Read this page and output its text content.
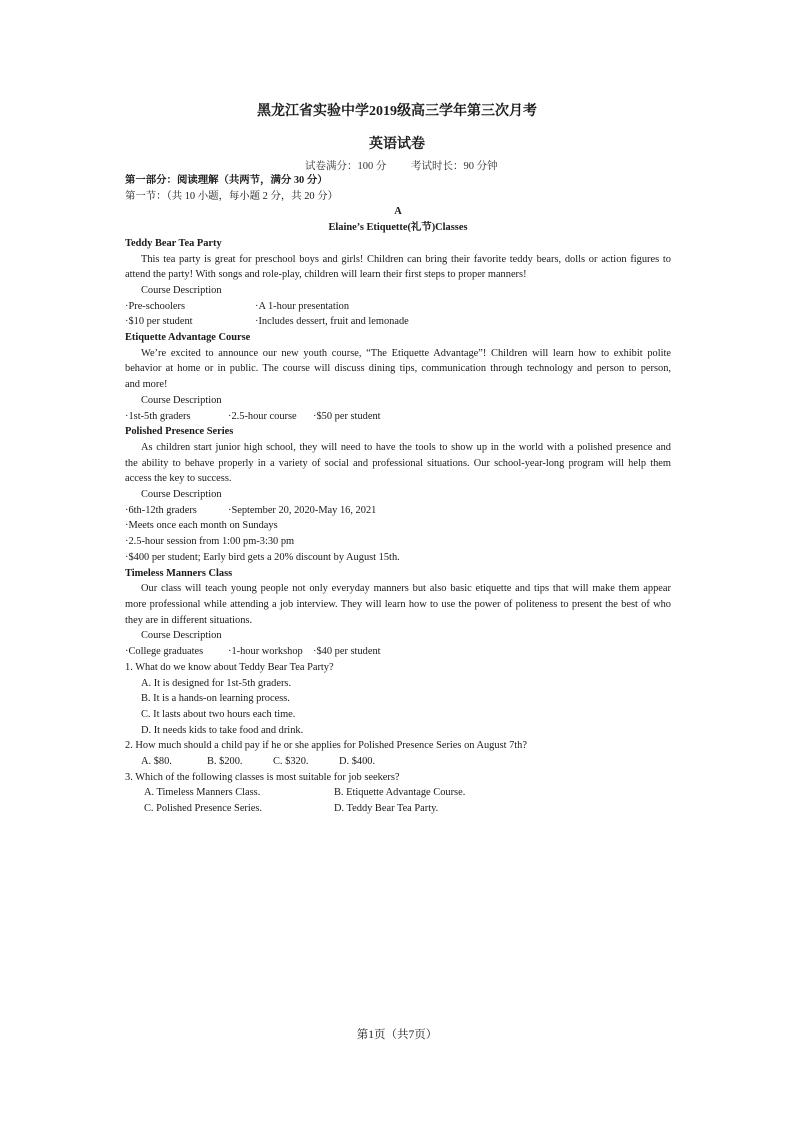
黑龙江省实验中学2019级高三学年第三次月考
英语试卷
试卷满分：100 分 考试时长：90 分钟
第一部分：阅读理解（共两节，满分 30 分）
第一节：（共 10 小题，每小题 2 分，共 20 分）
A
Elaine’s Etiquette(礼节)Classes
Teddy Bear Tea Party
This tea party is great for preschool boys and girls! Children can bring their favorite teddy bears, dolls or action figures to
attend the party! With songs and role-play, children will learn their first steps to proper manners!
Course Description
·Pre-schoolers	·A 1-hour presentation
·$10 per student	·Includes dessert, fruit and lemonade
Etiquette Advantage Course
We’re excited to announce our new youth course, “The Etiquette Advantage”! Children will learn how to exhibit polite
behavior at home or in public. The course will discuss dining tips, communication through technology and person to person,
and more!
Course Description
·1st-5th graders	·2.5-hour course	·$50 per student
Polished Presence Series
As children start junior high school, they will need to have the tools to show up in the world with a polished presence and
the ability to behave properly in a variety of social and professional situations. Our school-year-long program will help them
access the key to success.
Course Description
·6th-12th graders	·September 20, 2020-May 16, 2021
·Meets once each month on Sundays
·2.5-hour session from 1:00 pm-3:30 pm
·$400 per student; Early bird gets a 20% discount by August 15th.
Timeless Manners Class
Our class will teach young people not only everyday manners but also basic etiquette and tips that will make them appear
more professional while attending a job interview. They will learn how to use the power of politeness to present the best of who
they are in different situations.
Course Description
·College graduates	·1-hour workshop ·$40 per student
1. What do we know about Teddy Bear Tea Party?
A. It is designed for 1st-5th graders.
B. It is a hands-on learning process.
C. It lasts about two hours each time.
D. It needs kids to take food and drink.
2. How much should a child pay if he or she applies for Polished Presence Series on August 7th?
A. $80.	B. $200.	C. $320.	D. $400.
3. Which of the following classes is most suitable for job seekers?
A. Timeless Manners Class.	B. Etiquette Advantage Course.
C. Polished Presence Series.	D. Teddy Bear Tea Party.
第1页（共7页）
